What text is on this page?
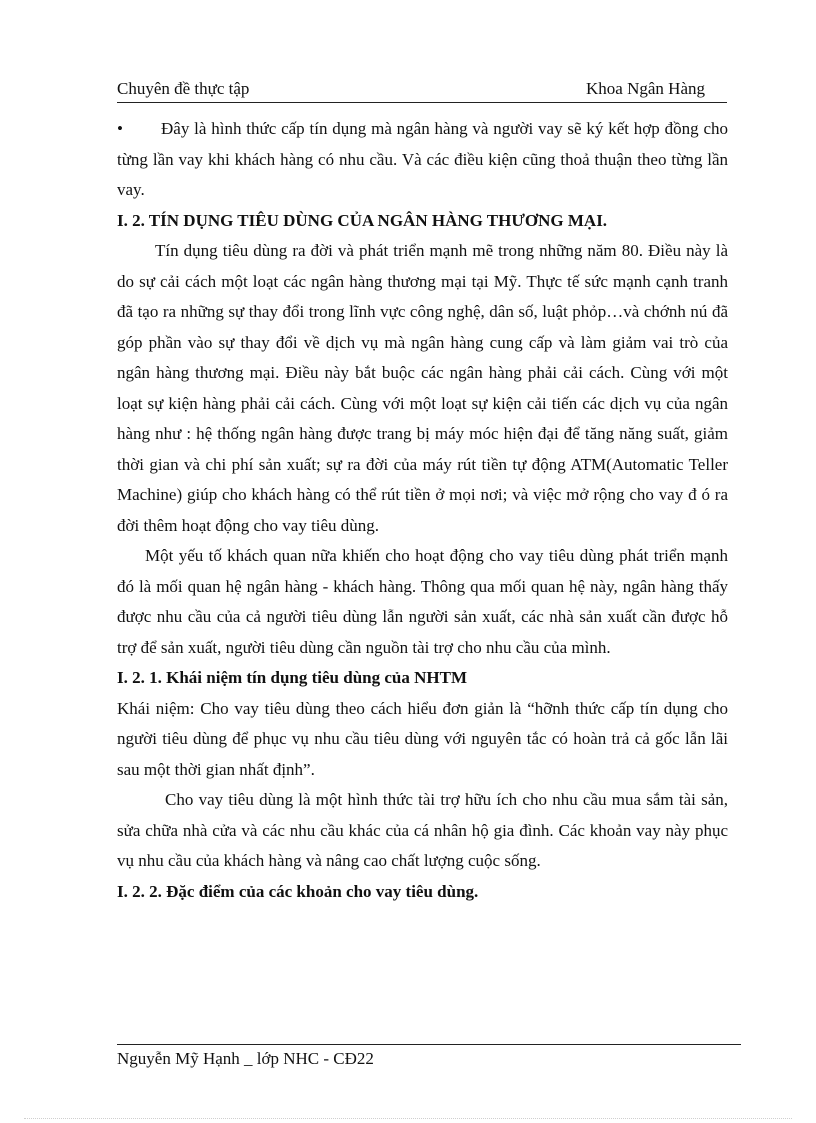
Chuyên đề thực tập	Khoa Ngân Hàng

• Đây là hình thức cấp tín dụng mà ngân hàng và người vay sẽ ký kết hợp đồng cho từng lần vay khi khách hàng có nhu cầu. Và các điều kiện cũng thoả thuận theo từng lần vay.

I. 2. TÍN DỤNG TIÊU DÙNG CỦA NGÂN HÀNG THƯƠNG MẠI.

Tín dụng tiêu dùng ra đời và phát triển mạnh mẽ trong những năm 80. Điều này là do sự cải cách một loạt các ngân hàng thương mại tại Mỹ. Thực tế sức mạnh cạnh tranh đã tạo ra những sự thay đổi trong lĩnh vực công nghệ, dân số, luật phỏp…và chớnh nú đã góp phần vào sự thay đổi về dịch vụ mà ngân hàng cung cấp và làm giảm vai trò của ngân hàng thương mại. Điều này bắt buộc các ngân hàng phải cải cách. Cùng với một loạt sự kiện hàng phải cải cách. Cùng với một loạt sự kiện cải tiến các dịch vụ của ngân hàng như : hệ thống ngân hàng được trang bị máy móc hiện đại để tăng năng suất, giảm thời gian và chi phí sản xuất; sự ra đời của máy rút tiền tự động ATM(Automatic Teller Machine) giúp cho khách hàng có thể rút tiền ở mọi nơi; và việc mở rộng cho vay đ ó ra đời thêm hoạt động cho vay tiêu dùng.

Một yếu tố khách quan nữa khiến cho hoạt động cho vay tiêu dùng phát triển mạnh đó là mối quan hệ ngân hàng - khách hàng. Thông qua mối quan hệ này, ngân hàng thấy được nhu cầu của cả người tiêu dùng lẫn người sản xuất, các nhà sản xuất cần được hỗ trợ để sản xuất, người tiêu dùng cần nguồn tài trợ cho nhu cầu của mình.

I. 2. 1. Khái niệm tín dụng tiêu dùng của NHTM

Khái niệm: Cho vay tiêu dùng theo cách hiểu đơn giản là “hỡnh thức cấp tín dụng cho người tiêu dùng để phục vụ nhu cầu tiêu dùng với nguyên tắc có hoàn trả cả gốc lẫn lãi sau một thời gian nhất định”.

Cho vay tiêu dùng là một hình thức tài trợ hữu ích cho nhu cầu mua sắm tài sản, sửa chữa nhà cửa và các nhu cầu khác của cá nhân hộ gia đình. Các khoản vay này phục vụ nhu cầu của khách hàng và nâng cao chất lượng cuộc sống.

I. 2. 2. Đặc điểm của các khoản cho vay tiêu dùng.

Nguyễn Mỹ Hạnh _ lớp NHC - CĐ22
